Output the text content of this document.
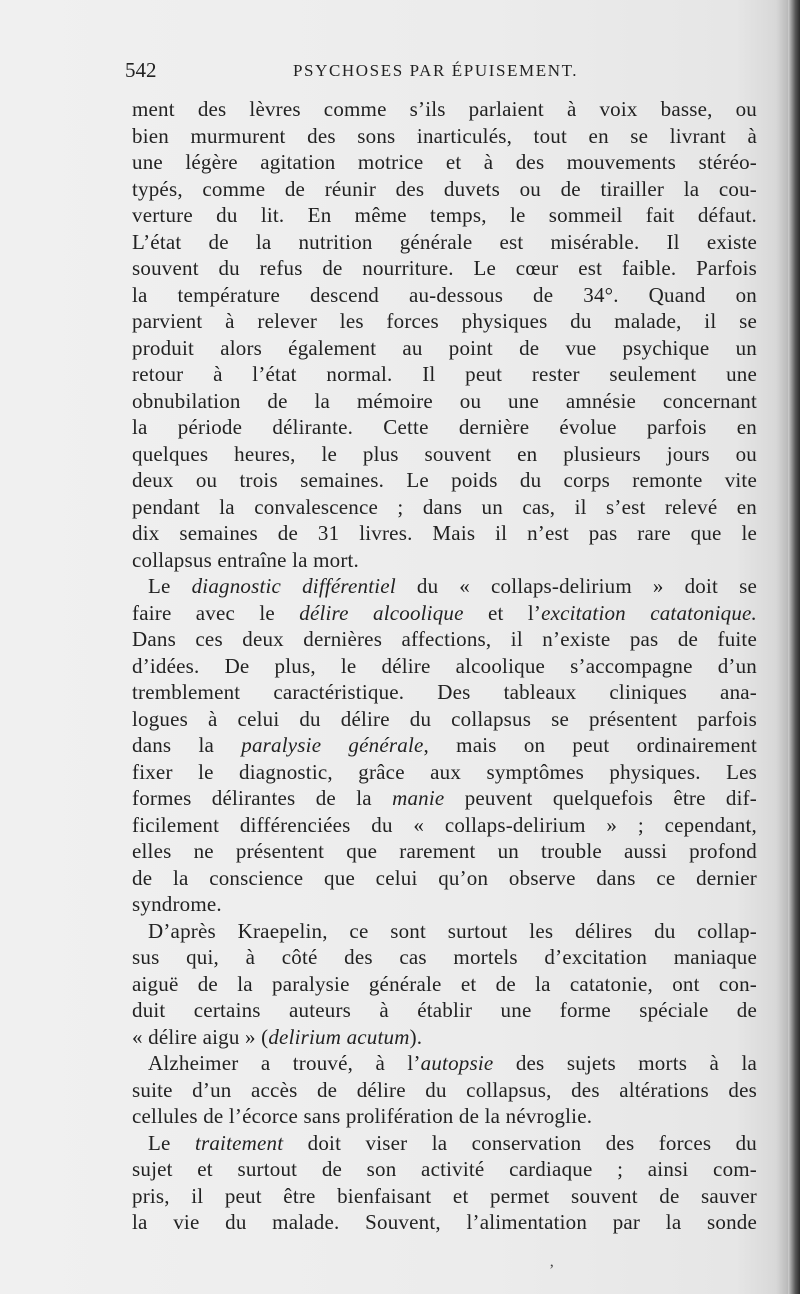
542	PSYCHOSES PAR ÉPUISEMENT.
ment des lèvres comme s’ils parlaient à voix basse, ou
bien murmurent des sons inarticulés, tout en se livrant à
une légère agitation motrice et à des mouvements stéréo-
typés, comme de réunir des duvets ou de tirailler la cou-
verture du lit. En même temps, le sommeil fait défaut.
L’état de la nutrition générale est misérable. Il existe
souvent du refus de nourriture. Le cœur est faible. Parfois
la température descend au-dessous de 34°. Quand on
parvient à relever les forces physiques du malade, il se
produit alors également au point de vue psychique un
retour à l’état normal. Il peut rester seulement une
obnubilation de la mémoire ou une amnésie concernant
la période délirante. Cette dernière évolue parfois en
quelques heures, le plus souvent en plusieurs jours ou
deux ou trois semaines. Le poids du corps remonte vite
pendant la convalescence ; dans un cas, il s’est relevé en
dix semaines de 31 livres. Mais il n’est pas rare que le
collapsus entraîne la mort.
Le diagnostic différentiel du « collaps-delirium » doit se
faire avec le délire alcoolique et l’excitation catatonique.
Dans ces deux dernières affections, il n’existe pas de fuite
d’idées. De plus, le délire alcoolique s’accompagne d’un
tremblement caractéristique. Des tableaux cliniques ana-
logues à celui du délire du collapsus se présentent parfois
dans la paralysie générale, mais on peut ordinairement
fixer le diagnostic, grâce aux symptômes physiques. Les
formes délirantes de la manie peuvent quelquefois être dif-
ficilement différenciées du « collaps-delirium » ; cependant,
elles ne présentent que rarement un trouble aussi profond
de la conscience que celui qu’on observe dans ce dernier
syndrome.
D’après Kraepelin, ce sont surtout les délires du collap-
sus qui, à côté des cas mortels d’excitation maniaque
aiguë de la paralysie générale et de la catatonie, ont con-
duit certains auteurs à établir une forme spéciale de
« délire aigu » (delirium acutum).
Alzheimer a trouvé, à l’autopsie des sujets morts à la
suite d’un accès de délire du collapsus, des altérations des
cellules de l’écorce sans prolifération de la névroglie.
Le traitement doit viser la conservation des forces du
sujet et surtout de son activité cardiaque ; ainsi com-
pris, il peut être bienfaisant et permet souvent de sauver
la vie du malade. Souvent, l’alimentation par la sonde
ʼ
